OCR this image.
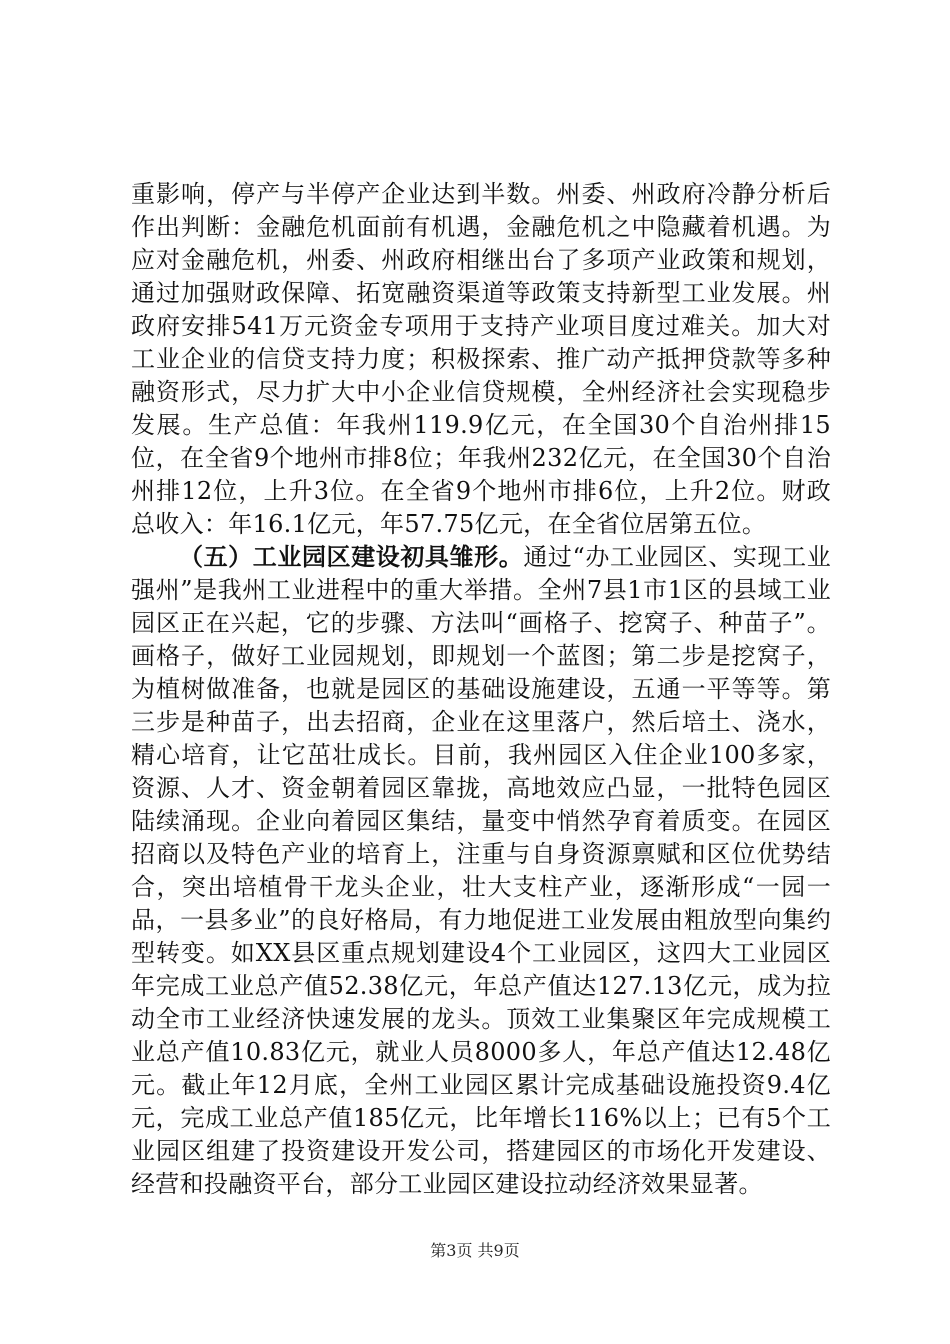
重影响，停产与半停产企业达到半数。州委、州政府冷静分析后作出判断：金融危机面前有机遇，金融危机之中隐藏着机遇。为应对金融危机，州委、州政府相继出台了多项产业政策和规划，通过加强财政保障、拓宽融资渠道等政策支持新型工业发展。州政府安排541万元资金专项用于支持产业项目度过难关。加大对工业企业的信贷支持力度；积极探索、推广动产抵押贷款等多种融资形式，尽力扩大中小企业信贷规模，全州经济社会实现稳步发展。生产总值：年我州119.9亿元，在全国30个自治州排15位，在全省9个地州市排8位；年我州232亿元，在全国30个自治州排12位，上升3位。在全省9个地州市排6位，上升2位。财政总收入：年16.1亿元，年57.75亿元，在全省位居第五位。

（五）工业园区建设初具雏形。通过“办工业园区、实现工业强州”是我州工业进程中的重大举措。全州7县1市1区的县域工业园区正在兴起，它的步骤、方法叫“画格子、挖窝子、种苗子”。画格子，做好工业园规划，即规划一个蓝图；第二步是挖窝子，为植树做准备，也就是园区的基础设施建设，五通一平等等。第三步是种苗子，出去招商，企业在这里落户，然后培土、浇水，精心培育，让它茁壮成长。目前，我州园区入住企业100多家，资源、人才、资金朝着园区靠拢，高地效应凸显，一批特色园区陆续涌现。企业向着园区集结，量变中悄然孕育着质变。在园区招商以及特色产业的培育上，注重与自身资源禀赋和区位优势结合，突出培植骨干龙头企业，壮大支柱产业，逐渐形成“一园一品，一县多业”的良好格局，有力地促进工业发展由粗放型向集约型转变。如XX县区重点规划建设4个工业园区，这四大工业园区年完成工业总产值52.38亿元，年总产值达127.13亿元，成为拉动全市工业经济快速发展的龙头。顶效工业集聚区年完成规模工业总产值10.83亿元，就业人员8000多人，年总产值达12.48亿元。截止年12月底，全州工业园区累计完成基础设施投资9.4亿元，完成工业总产值185亿元，比年增长116%以上；已有5个工业园区组建了投资建设开发公司，搭建园区的市场化开发建设、经营和投融资平台，部分工业园区建设拉动经济效果显著。

第3页 共9页
